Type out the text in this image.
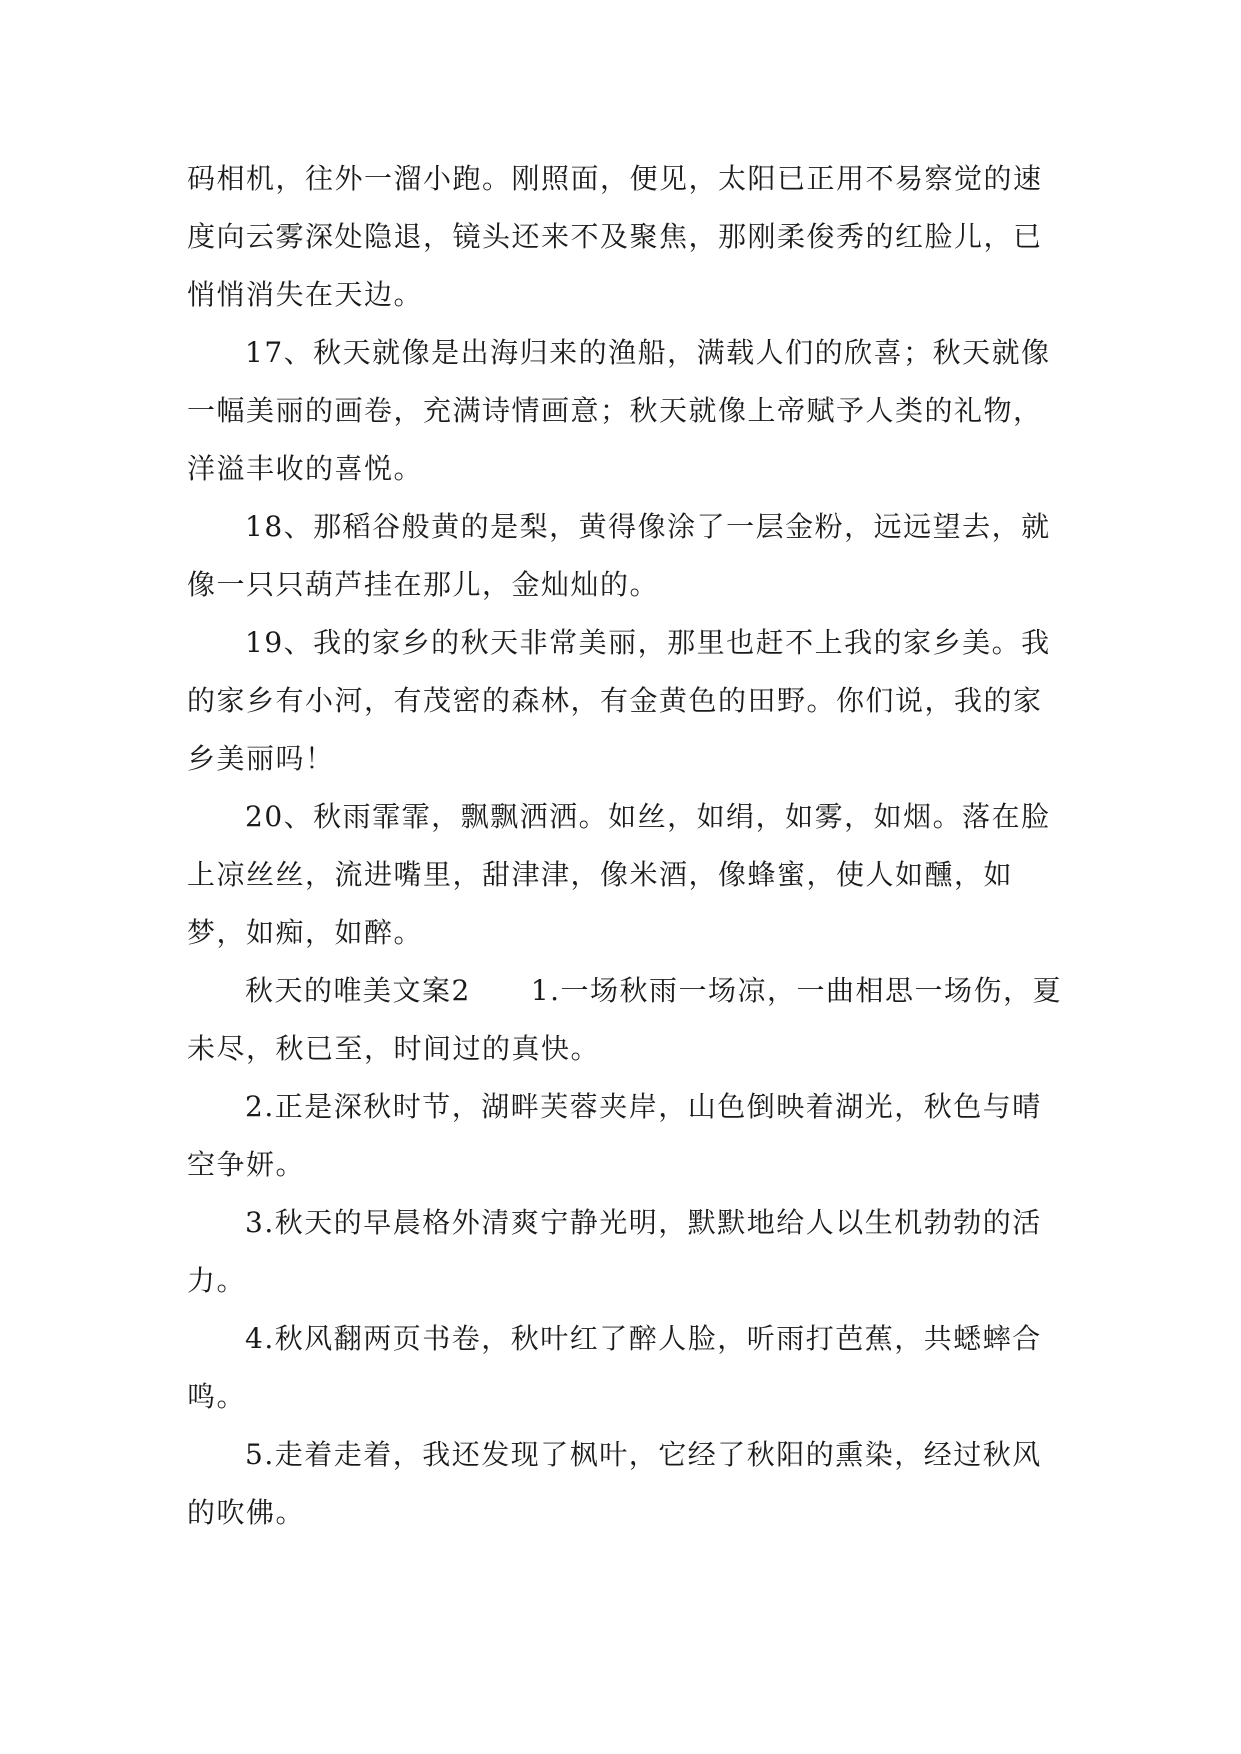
码相机，往外一溜小跑。刚照面，便见，太阳已正用不易察觉的速度向云雾深处隐退，镜头还来不及聚焦，那刚柔俊秀的红脸儿，已悄悄消失在天边。

17、秋天就像是出海归来的渔船，满载人们的欣喜；秋天就像一幅美丽的画卷，充满诗情画意；秋天就像上帝赋予人类的礼物，洋溢丰收的喜悦。

18、那稻谷般黄的是梨，黄得像涂了一层金粉，远远望去，就像一只只葫芦挂在那儿，金灿灿的。

19、我的家乡的秋天非常美丽，那里也赶不上我的家乡美。我的家乡有小河，有茂密的森林，有金黄色的田野。你们说，我的家乡美丽吗！

20、秋雨霏霏，飘飘洒洒。如丝，如绢，如雾，如烟。落在脸上凉丝丝，流进嘴里，甜津津，像米酒，像蜂蜜，使人如醺，如梦，如痴，如醉。

秋天的唯美文案2 1.一场秋雨一场凉，一曲相思一场伤，夏未尽，秋已至，时间过的真快。

2.正是深秋时节，湖畔芙蓉夹岸，山色倒映着湖光，秋色与晴空争妍。

3.秋天的早晨格外清爽宁静光明，默默地给人以生机勃勃的活力。

4.秋风翻两页书卷，秋叶红了醉人脸，听雨打芭蕉，共蟋蟀合鸣。

5.走着走着，我还发现了枫叶，它经了秋阳的熏染，经过秋风的吹佛。
